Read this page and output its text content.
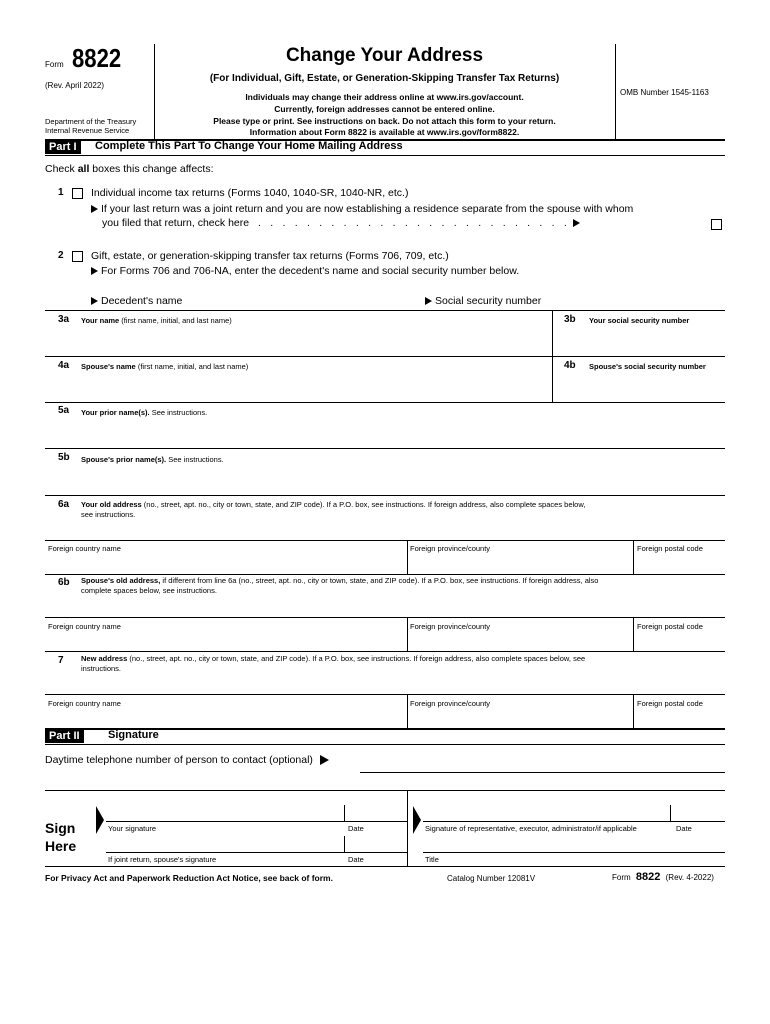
Form 8822
(Rev. April 2022)
Department of the Treasury
Internal Revenue Service
Change Your Address
(For Individual, Gift, Estate, or Generation-Skipping Transfer Tax Returns)
Individuals may change their address online at www.irs.gov/account.
Currently, foreign addresses cannot be entered online.
Please type or print. See instructions on back. Do not attach this form to your return.
Information about Form 8822 is available at www.irs.gov/form8822.
OMB Number 1545-1163
Part I	Complete This Part To Change Your Home Mailing Address
Check all boxes this change affects:
1	Individual income tax returns (Forms 1040, 1040-SR, 1040-NR, etc.)
If your last return was a joint return and you are now establishing a residence separate from the spouse with whom
you filed that return, check here . . . . . . . . . . . . . . . . . . . . . . . . . .
2	Gift, estate, or generation-skipping transfer tax returns (Forms 706, 709, etc.)
For Forms 706 and 706-NA, enter the decedent's name and social security number below.
Decedent's name	Social security number
3a Your name (first name, initial, and last name)	3b Your social security number
4a Spouse's name (first name, initial, and last name)	4b Spouse's social security number
5a Your prior name(s). See instructions.
5b Spouse's prior name(s). See instructions.
6a Your old address (no., street, apt. no., city or town, state, and ZIP code). If a P.O. box, see instructions. If foreign address, also complete spaces below,
see instructions.
Foreign country name	Foreign province/county	Foreign postal code
6b Spouse's old address, if different from line 6a (no., street, apt. no., city or town, state, and ZIP code). If a P.O. box, see instructions. If foreign address, also
complete spaces below, see instructions.
Foreign country name	Foreign province/county	Foreign postal code
7 New address (no., street, apt. no., city or town, state, and ZIP code). If a P.O. box, see instructions. If foreign address, also complete spaces below, see
instructions.
Foreign country name	Foreign province/county	Foreign postal code
Part II	Signature
Daytime telephone number of person to contact (optional)
Sign
Here
Your signature	Date
If joint return, spouse's signature	Date
Signature of representative, executor, administrator/if applicable	Date
Title
For Privacy Act and Paperwork Reduction Act Notice, see back of form.	Catalog Number 12081V	Form 8822 (Rev. 4-2022)
